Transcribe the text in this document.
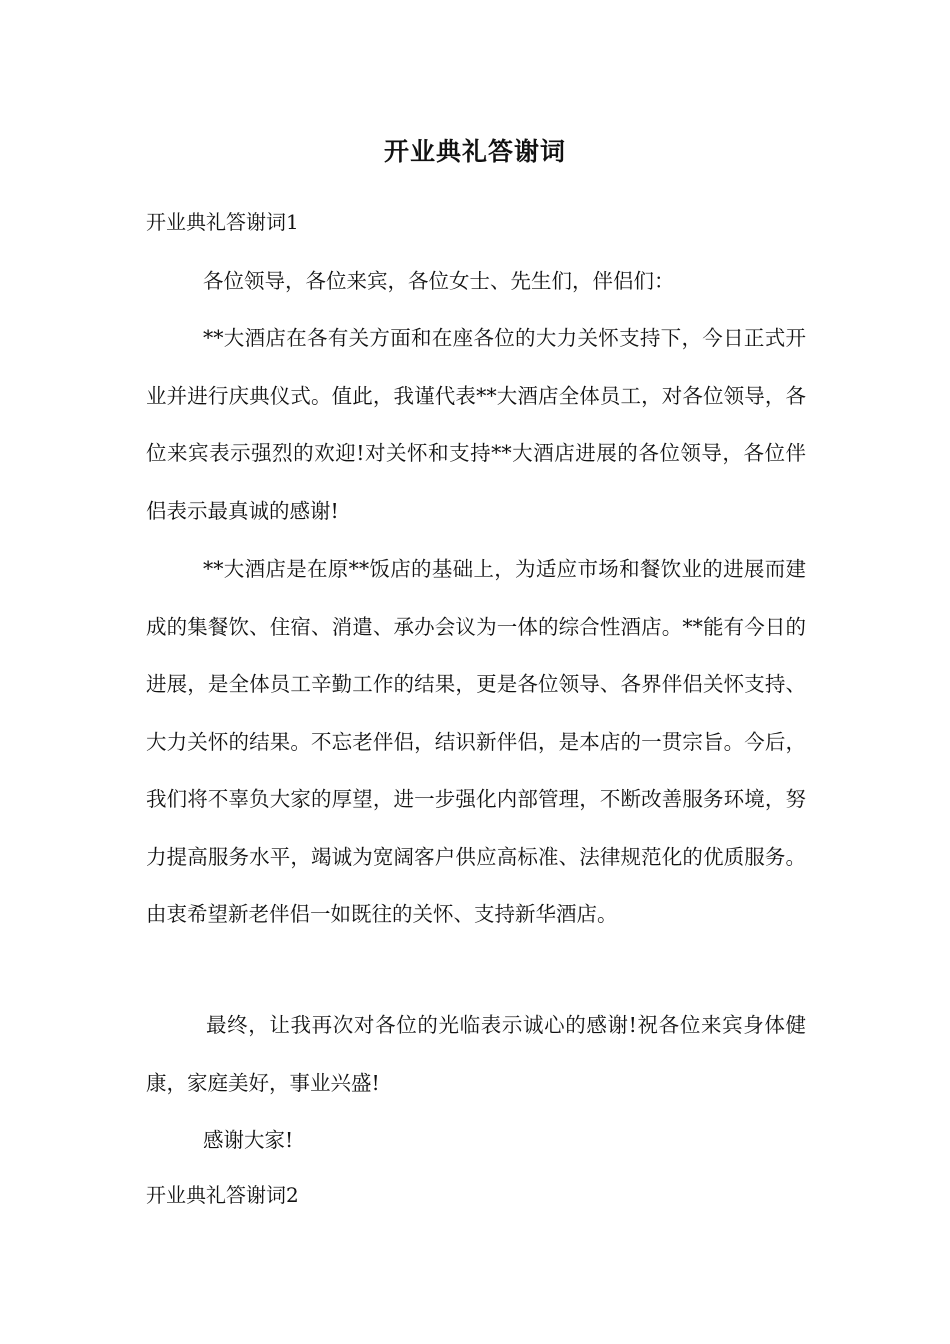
开业典礼答谢词

开业典礼答谢词1

各位领导，各位来宾，各位女士、先生们，伴侣们：

**大酒店在各有关方面和在座各位的大力关怀支持下，今日正式开业并进行庆典仪式。值此，我谨代表**大酒店全体员工，对各位领导，各位来宾表示强烈的欢迎!对关怀和支持**大酒店进展的各位领导，各位伴侣表示最真诚的感谢!

**大酒店是在原**饭店的基础上，为适应市场和餐饮业的进展而建成的集餐饮、住宿、消遣、承办会议为一体的综合性酒店。**能有今日的进展，是全体员工辛勤工作的结果，更是各位领导、各界伴侣关怀支持、大力关怀的结果。不忘老伴侣，结识新伴侣，是本店的一贯宗旨。今后，我们将不辜负大家的厚望，进一步强化内部管理，不断改善服务环境，努力提高服务水平，竭诚为宽阔客户供应高标准、法律规范化的优质服务。由衷希望新老伴侣一如既往的关怀、支持新华酒店。

最终，让我再次对各位的光临表示诚心的感谢!祝各位来宾身体健康，家庭美好，事业兴盛!

感谢大家!

开业典礼答谢词2
